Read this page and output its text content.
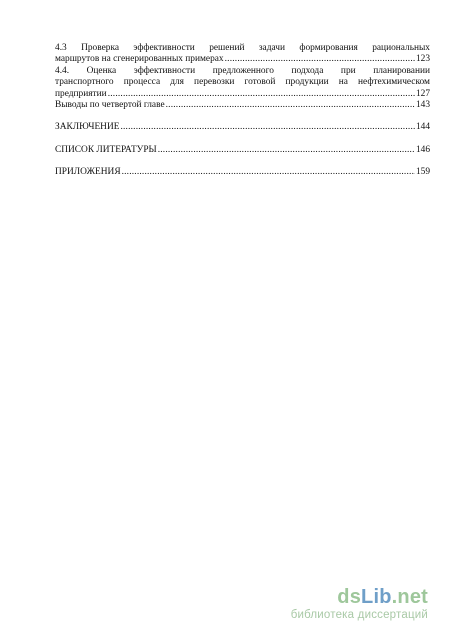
4.3 Проверка эффективности решений задачи формирования рациональных
маршрутов на сгенерированных примерах .....	123
4.4. Оценка эффективности предложенного подхода при планировании
транспортного процесса для перевозки готовой продукции на нефтехимическом
предприятии .....	127
Выводы по четвертой главе .....	143
ЗАКЛЮЧЕНИЕ .....	144
СПИСОК ЛИТЕРАТУРЫ .....	146
ПРИЛОЖЕНИЯ .....	159
dsLib.net
библиотека диссертаций
